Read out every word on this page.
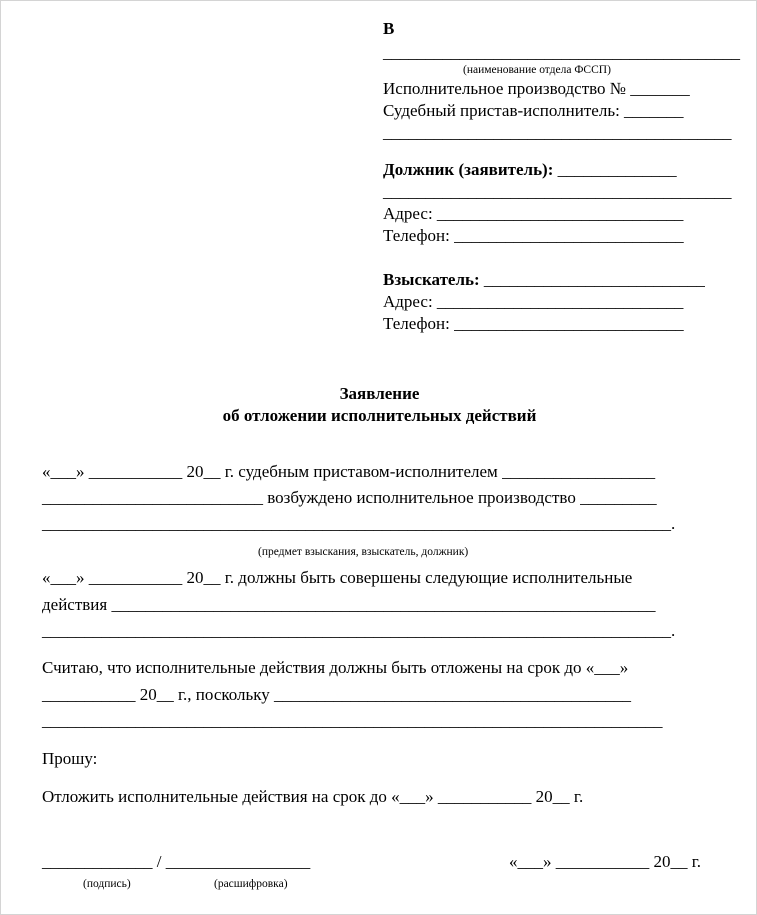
В
__________________________________________
(наименование отдела ФССП)
Исполнительное производство № _______
Судебный пристав-исполнитель: _______
_________________________________________
Должник (заявитель): ______________
_________________________________________
Адрес: _____________________________
Телефон: ___________________________
Взыскатель: __________________________
Адрес: _____________________________
Телефон: ___________________________
Заявление
об отложении исполнительных действий
«___» ___________ 20__ г. судебным приставом-исполнителем __________________
__________________________ возбуждено исполнительное производство _________
__________________________________________________________________________.
(предмет взыскания, взыскатель, должник)
«___» ___________ 20__ г. должны быть совершены следующие исполнительные
действия ________________________________________________________________
__________________________________________________________________________.
Считаю, что исполнительные действия должны быть отложены на срок до «___»
___________ 20__ г., поскольку __________________________________________
_________________________________________________________________________
Прошу:
Отложить исполнительные действия на срок до «___» ___________ 20__ г.
_____________ / _________________
(подпись)	(расшифровка)
«___» ___________ 20__ г.
